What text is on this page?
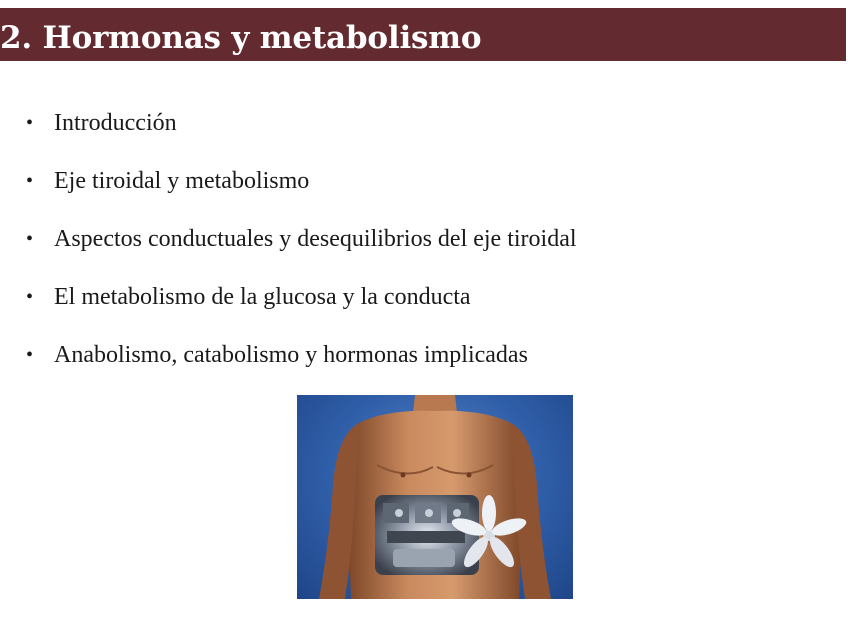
2. Hormonas y metabolismo
• Introducción
• Eje tiroidal y metabolismo
• Aspectos conductuales y desequilibrios del eje tiroidal
• El metabolismo de la glucosa y la conducta
• Anabolismo, catabolismo y hormonas implicadas
